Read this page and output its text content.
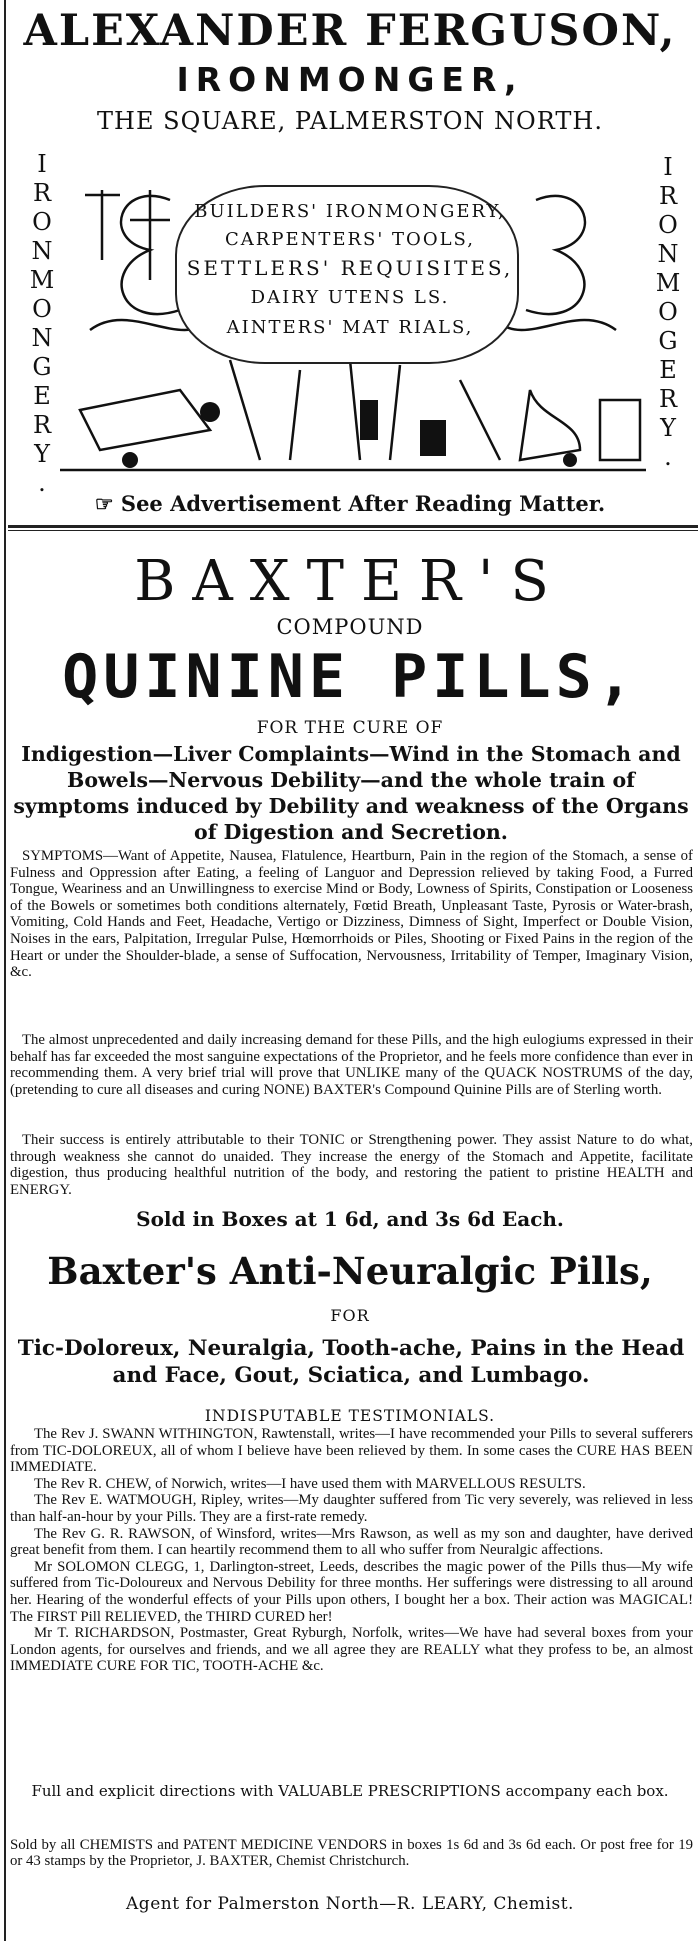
ALEXANDER FERGUSON,
IRONMONGER,
THE SQUARE, PALMERSTON NORTH.
IRONMONGERY.	IRONMOGERY.
BUILDERS' IRONMONGERY,
CARPENTERS' TOOLS,
SETTLERS' REQUISITES,
DAIRY UTENS LS.
AINTERS' MAT RIALS,
☞ See Advertisement After Reading Matter.
BAXTER'S
COMPOUND
QUININE PILLS,
FOR THE CURE OF
Indigestion—Liver Complaints—Wind in the Stomach and Bowels—Nervous Debility—and the whole train of symptoms induced by Debility and weakness of the Organs of Digestion and Secretion.
SYMPTOMS—Want of Appetite, Nausea, Flatulence, Heartburn, Pain in the region of the Stomach, a sense of Fulness and Oppression after Eating, a feeling of Languor and Depression relieved by taking Food, a Furred Tongue, Weariness and an Unwillingness to exercise Mind or Body, Lowness of Spirits, Constipation or Looseness of the Bowels or sometimes both conditions alternately, Fœtid Breath, Unpleasant Taste, Pyrosis or Water-brash, Vomiting, Cold Hands and Feet, Headache, Vertigo or Dizziness, Dimness of Sight, Imperfect or Double Vision, Noises in the ears, Palpitation, Irregular Pulse, Hœmorrhoids or Piles, Shooting or Fixed Pains in the region of the Heart or under the Shoulder-blade, a sense of Suffocation, Nervousness, Irritability of Temper, Imaginary Vision, &c.
The almost unprecedented and daily increasing demand for these Pills, and the high eulogiums expressed in their behalf has far exceeded the most sanguine expectations of the Proprietor, and he feels more confidence than ever in recommending them. A very brief trial will prove that UNLIKE many of the QUACK NOSTRUMS of the day, (pretending to cure all diseases and curing NONE) BAXTER's Compound Quinine Pills are of Sterling worth.
Their success is entirely attributable to their TONIC or Strengthening power. They assist Nature to do what, through weakness she cannot do unaided. They increase the energy of the Stomach and Appetite, facilitate digestion, thus producing healthful nutrition of the body, and restoring the patient to pristine HEALTH and ENERGY.
Sold in Boxes at 1 6d, and 3s 6d Each.
Baxter's Anti-Neuralgic Pills,
FOR
Tic-Doloreux, Neuralgia, Tooth-ache, Pains in the Head and Face, Gout, Sciatica, and Lumbago.
INDISPUTABLE TESTIMONIALS.

The Rev J. SWANN WITHINGTON, Rawtenstall, writes—I have recommended your Pills to several sufferers from TIC-DOLOREUX, all of whom I believe have been relieved by them. In some cases the CURE HAS BEEN IMMEDIATE.

The Rev R. CHEW, of Norwich, writes—I have used them with MARVELLOUS RESULTS.

The Rev E. WATMOUGH, Ripley, writes—My daughter suffered from Tic very severely, was relieved in less than half-an-hour by your Pills. They are a first-rate remedy.

The Rev G. R. RAWSON, of Winsford, writes—Mrs Rawson, as well as my son and daughter, have derived great benefit from them. I can heartily recommend them to all who suffer from Neuralgic affections.

Mr SOLOMON CLEGG, 1, Darlington-street, Leeds, describes the magic power of the Pills thus—My wife suffered from Tic-Doloureux and Nervous Debility for three months. Her sufferings were distressing to all around her. Hearing of the wonderful effects of your Pills upon others, I bought her a box. Their action was MAGICAL! The FIRST Pill RELIEVED, the THIRD CURED her!

Mr T. RICHARDSON, Postmaster, Great Ryburgh, Norfolk, writes—We have had several boxes from your London agents, for ourselves and friends, and we all agree they are REALLY what they profess to be, an almost IMMEDIATE CURE FOR TIC, TOOTH-ACHE &c.

Full and explicit directions with VALUABLE PRESCRIPTIONS accompany each box.

Sold by all CHEMISTS and PATENT MEDICINE VENDORS in boxes 1s 6d and 3s 6d each. Or post free for 19 or 43 stamps by the Proprietor, J. BAXTER, Chemist Christchurch.

Agent for Palmerston North—R. LEARY, Chemist.
